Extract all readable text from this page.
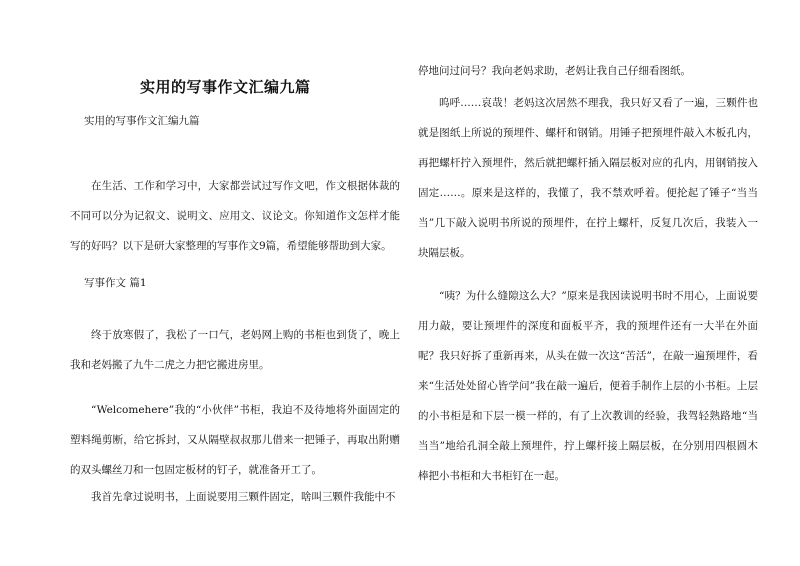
实用的写事作文汇编九篇
实用的写事作文汇编九篇

在生活、工作和学习中，大家都尝试过写作文吧，作文根据体裁的不同可以分为记叙文、说明文、应用文、议论文。你知道作文怎样才能写的好吗？以下是研大家整理的写事作文9篇，希望能够帮助到大家。

写事作文 篇1

终于放寒假了，我松了一口气，老妈网上购的书柜也到货了，晚上我和老妈搬了九牛二虎之力把它搬进房里。

“Welcomehere”我的“小伙伴”书柜，我迫不及待地将外面固定的塑料绳剪断，给它拆封，又从隔壁叔叔那儿借来一把锤子，再取出附赠的双头螺丝刀和一包固定板材的钉子，就准备开工了。

我首先拿过说明书，上面说要用三颗件固定，啥叫三颗件我能中不

停地问过问号？我向老妈求助，老妈让我自己仔细看图纸。

呜呼……哀哉！老妈这次居然不理我，我只好又看了一遍，三颗件也就是图纸上所说的预埋件、螺杆和钢销。用锤子把预埋件敲入木板孔内，再把螺杆拧入预埋件，然后就把螺杆插入隔层板对应的孔内，用钢销按入固定……。原来是这样的，我懂了，我不禁欢呼着。便抡起了锤子“当当当”几下敲入说明书所说的预埋件，在拧上螺杆，反复几次后，我装入一块隔层板。

“咦？为什么缝隙这么大？”原来是我因读说明书时不用心，上面说要用力敲，要让预埋件的深度和面板平齐，我的预埋件还有一大半在外面呢？我只好拆了重新再来，从头在做一次这“苦活”，在敲一遍预埋件，看来“生活处处留心皆学问”我在敲一遍后，便着手制作上层的小书柜。上层的小书柜是和下层一模一样的，有了上次教训的经验，我驾轻熟路地“当当当”地给孔洞全敲上预埋件，拧上螺杆接上隔层板，在分别用四根圆木棒把小书柜和大书柜钉在一起。
